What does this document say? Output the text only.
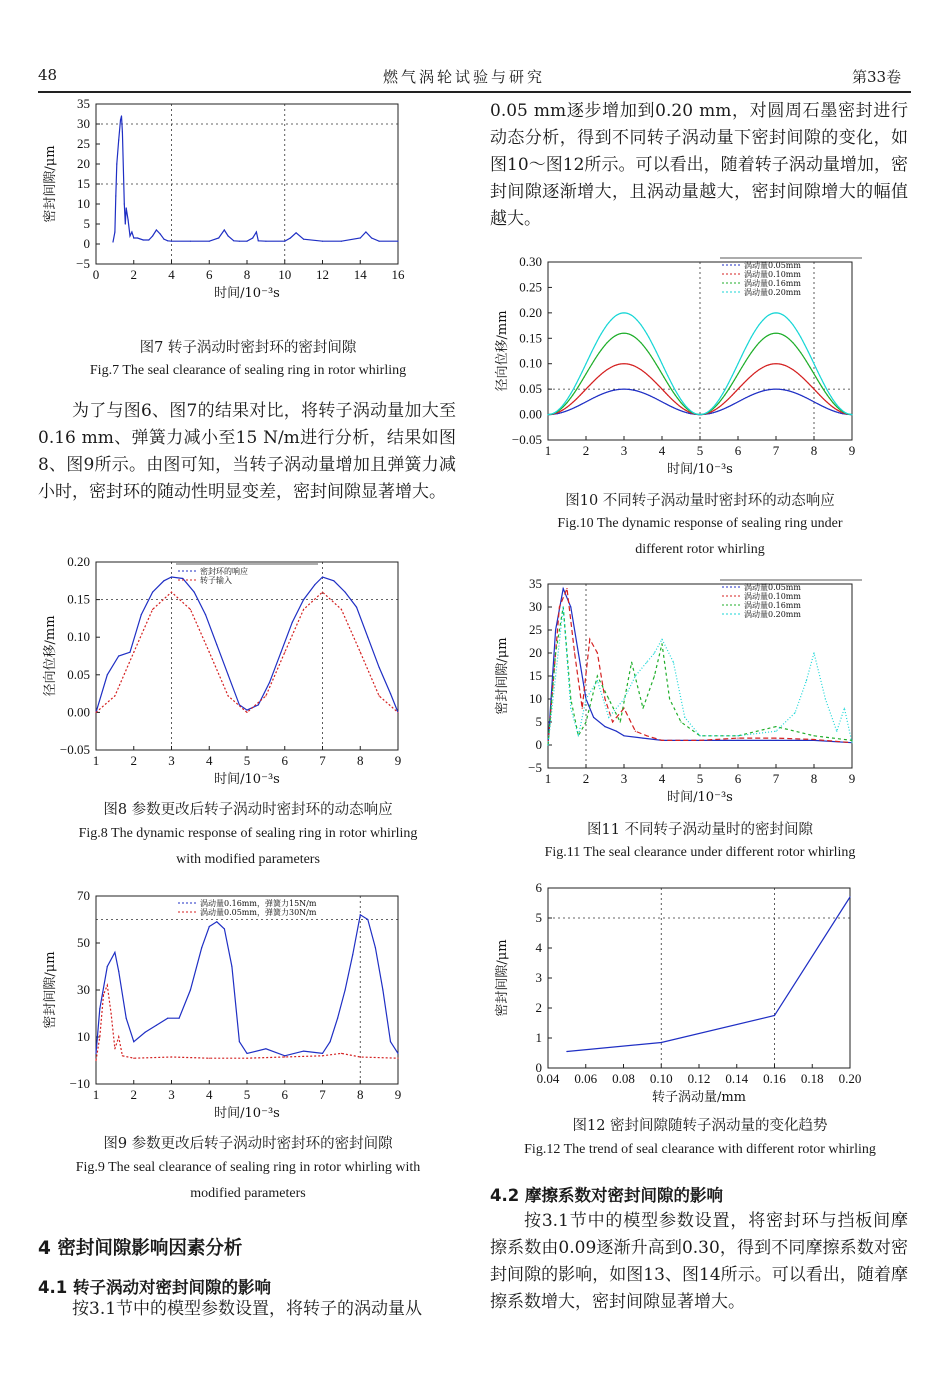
48	燃气涡轮试验与研究	第33卷
0 2 4 6 8 10 12 14 16
−5
0
5
10
15
20
25
30
35
时间/10⁻³s
密封间隙/μm
图7 转子涡动时密封环的密封间隙
Fig.7 The seal clearance of sealing ring in rotor whirling

为了与图6、图7的结果对比，将转子涡动量加大至0.16 mm、弹簧力减小至15 N/m进行分析，结果如图8、图9所示。由图可知，当转子涡动量增加且弹簧力减小时，密封环的随动性明显变差，密封间隙显著增大。

1 2 3 4 5 6 7 8 9
−0.05
0.00
0.05
0.10
0.15
0.20
时间/10⁻³s
径向位移/mm
密封环的响应
转子输入
图8 参数更改后转子涡动时密封环的动态响应
Fig.8 The dynamic response of sealing ring in rotor whirling
with modified parameters
1 2 3 4 5 6 7 8 9
−10
10
30
50
70
时间/10⁻³s
密封间隙/μm
涡动量0.16mm，弹簧力15N/m
涡动量0.05mm，弹簧力30N/m
图9 参数更改后转子涡动时密封环的密封间隙
Fig.9 The seal clearance of sealing ring in rotor whirling with
modified parameters
4 密封间隙影响因素分析
4.1 转子涡动对密封间隙的影响

按3.1节中的模型参数设置，将转子的涡动量从

0.05 mm逐步增加到0.20 mm，对圆周石墨密封进行动态分析，得到不同转子涡动量下密封间隙的变化，如图10～图12所示。可以看出，随着转子涡动量增加，密封间隙逐渐增大，且涡动量越大，密封间隙增大的幅值越大。

1 2 3 4 5 6 7 8 9
−0.05
0.00
0.05
0.10
0.15
0.20
0.25
0.30
时间/10⁻³s
径向位移/mm
涡动量0.05mm
涡动量0.10mm
涡动量0.16mm
涡动量0.20mm
图10 不同转子涡动量时密封环的动态响应
Fig.10 The dynamic response of sealing ring under
different rotor whirling
1 2 3 4 5 6 7 8 9
−5
0
5
10
15
20
25
30
35
时间/10⁻³s
密封间隙/μm
涡动量0.05mm
涡动量0.10mm
涡动量0.16mm
涡动量0.20mm
图11 不同转子涡动量时的密封间隙
Fig.11 The seal clearance under different rotor whirling
0.04 0.06 0.08 0.10 0.12 0.14 0.16 0.18 0.20
0
1
2
3
4
5
6
转子涡动量/mm
密封间隙/μm
图12 密封间隙随转子涡动量的变化趋势
Fig.12 The trend of seal clearance with different rotor whirling
4.2 摩擦系数对密封间隙的影响

按3.1节中的模型参数设置，将密封环与挡板间摩擦系数由0.09逐渐升高到0.30，得到不同摩擦系数对密封间隙的影响，如图13、图14所示。可以看出，随着摩擦系数增大，密封间隙显著增大。
